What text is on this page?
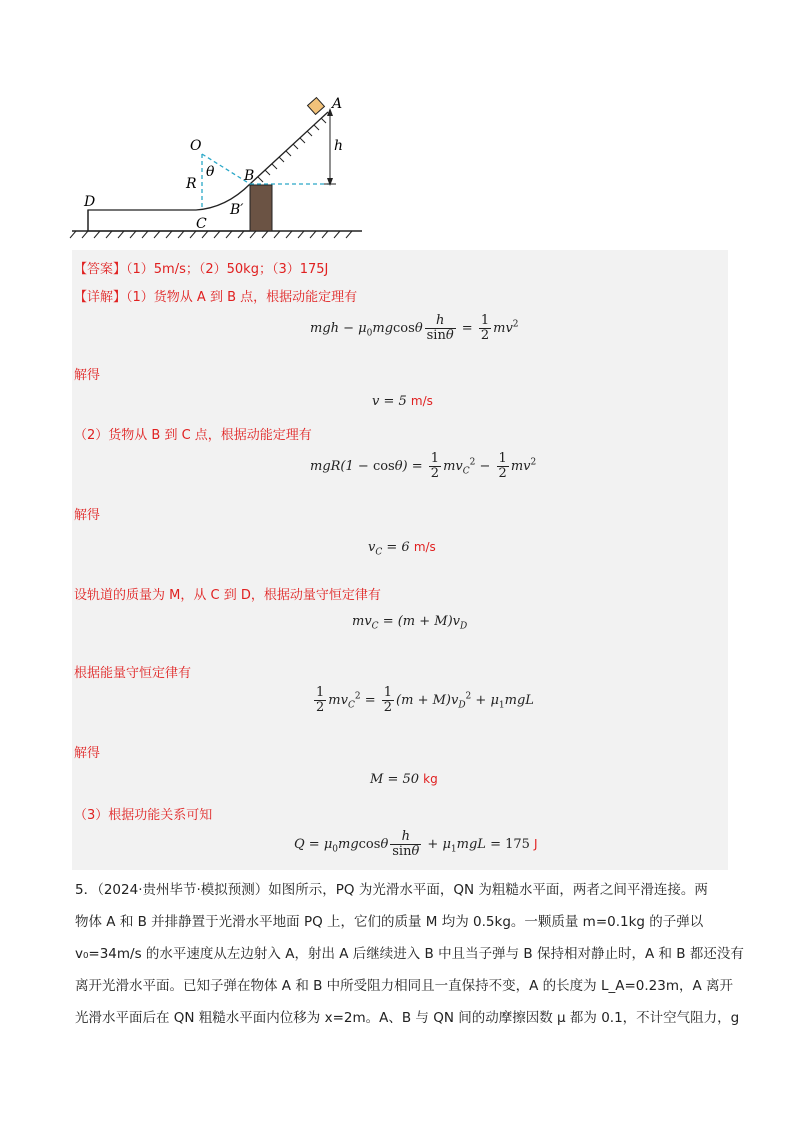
A
h
O
θ
R	B
B′
C
D
【答案】（1）5m/s；（2）50kg；（3）175J
【详解】（1）货物从 A 到 B 点，根据动能定理有
mgh − $\mu_0mgcos\theta \frac{h}{\sin\theta} = \frac{1}{2} mv^2$
解得
v = 5 m/s
（2）货物从 B 到 C 点，根据动能定理有
$mgR(1 - \cos\theta) = \frac{1}{2} mv_C^2 - \frac{1}{2} mv^2$
解得
$v_C = 6$ m/s
设轨道的质量为 M，从 C 到 D，根据动量守恒定律有
$mv_C = (m + M)v_D$
根据能量守恒定律有
$\frac{1}{2} mv_C^2 = \frac{1}{2} (m + M)v_D^2 + \mu_1mgL$
解得
M = 50 kg
（3）根据功能关系可知
$Q = \mu_0mgcos\theta \frac{h}{\sin\theta} + \mu_1mgL = 175$ J
5．（2024·贵州毕节·模拟预测）如图所示，PQ 为光滑水平面，QN 为粗糙水平面，两者之间平滑连接。两
物体 A 和 B 并排静置于光滑水平地面 PQ 上，它们的质量 M 均为 0.5kg。一颗质量 m=0.1kg 的子弹以
v₀=34m/s 的水平速度从左边射入 A，射出 A 后继续进入 B 中且当子弹与 B 保持相对静止时，A 和 B 都还没有
离开光滑水平面。已知子弹在物体 A 和 B 中所受阻力相同且一直保持不变，A 的长度为 L_A=0.23m，A 离开
光滑水平面后在 QN 粗糙水平面内位移为 x=2m。A、B 与 QN 间的动摩擦因数 μ 都为 0.1，不计空气阻力，g
